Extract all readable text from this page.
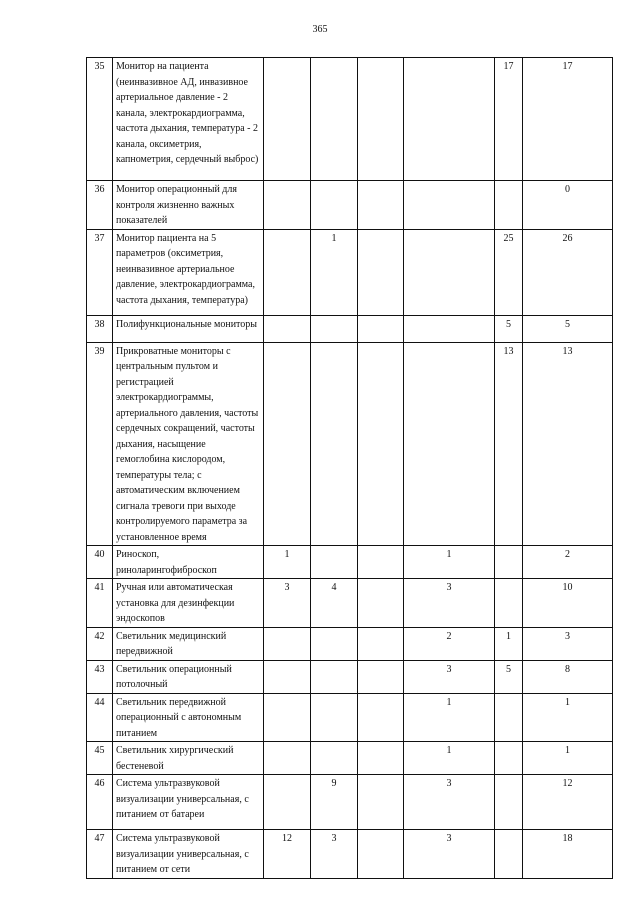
365
35	Монитор на пациента (неинвазивное АД, инвазивное артериальное давление - 2 канала, электрокардиограмма, частота дыхания, температура - 2 канала, оксиметрия, капнометрия, сердечный выброс)					17	17
36	Монитор операционный для контроля жизненно важных показателей						0
37	Монитор пациента на 5 параметров (оксиметрия, неинвазивное артериальное давление, электрокардиограмма, частота дыхания, температура)		1			25	26
38	Полифункциональные мониторы					5	5
39	Прикроватные мониторы с центральным пультом и регистрацией электрокардиограммы, артериального давления, частоты сердечных сокращений, частоты дыхания, насыщение гемоглобина кислородом, температуры тела; с автоматическим включением сигнала тревоги при выходе контролируемого параметра за установленное время					13	13
40	Риноскоп, риноларингофиброскоп	1			1		2
41	Ручная или автоматическая установка для дезинфекции эндоскопов	3	4		3		10
42	Светильник медицинский передвижной				2	1	3
43	Светильник операционный потолочный				3	5	8
44	Светильник передвижной операционный с автономным питанием				1		1
45	Светильник хирургический бестеневой				1		1
46	Система ультразвуковой визуализации универсальная, с питанием от батареи		9		3		12
47	Система ультразвуковой визуализации универсальная, с питанием от сети	12	3		3		18
